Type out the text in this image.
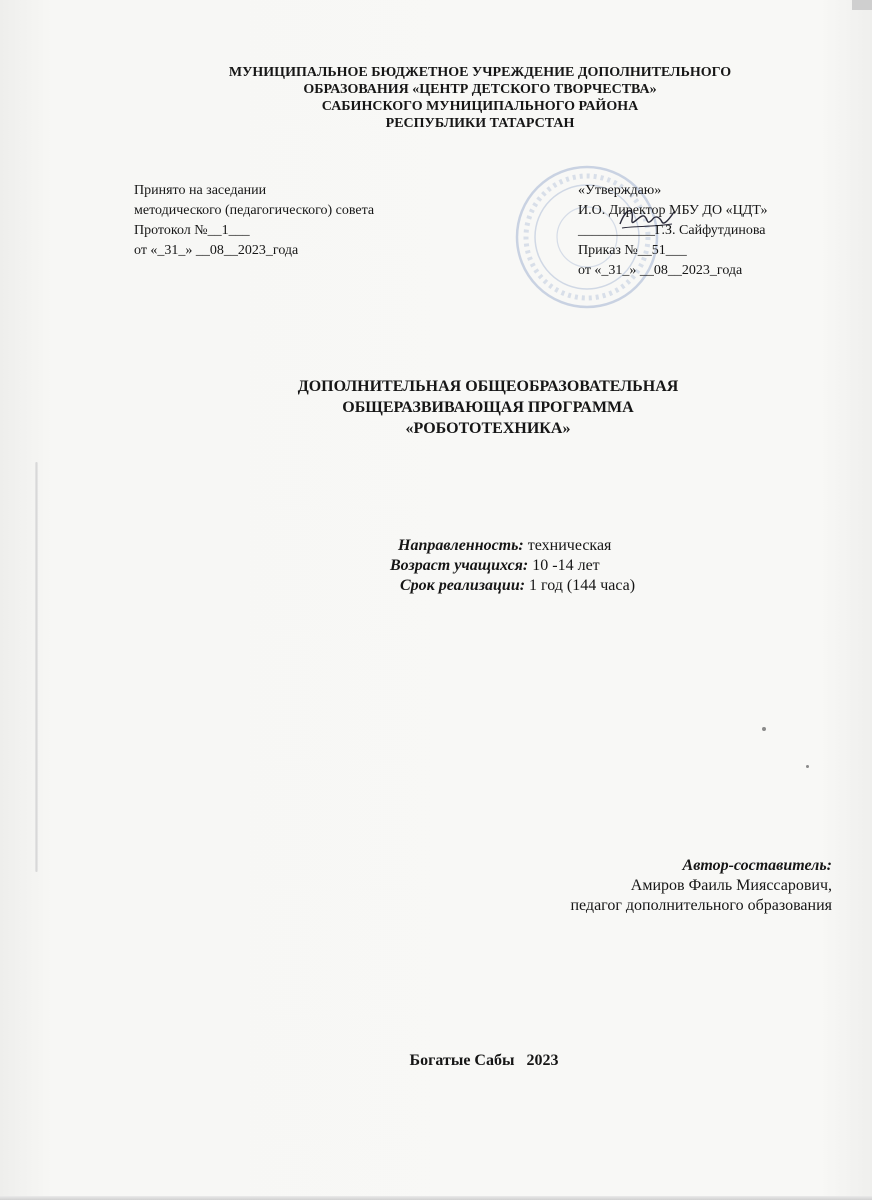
МУНИЦИПАЛЬНОЕ БЮДЖЕТНОЕ УЧРЕЖДЕНИЕ ДОПОЛНИТЕЛЬНОГО
ОБРАЗОВАНИЯ «ЦЕНТР ДЕТСКОГО ТВОРЧЕСТВА»
САБИНСКОГО МУНИЦИПАЛЬНОГО РАЙОНА
РЕСПУБЛИКИ ТАТАРСТАН
Принято на заседании
методического (педагогического) совета
Протокол №__1___
от «_31_» __08__2023_года
«Утверждаю»
И.О. Директор МБУ ДО «ЦДТ»
___________Г.З. Сайфутдинова
Приказ №__51___
от «_31_» __08__2023_года
ДОПОЛНИТЕЛЬНАЯ ОБЩЕОБРАЗОВАТЕЛЬНАЯ
ОБЩЕРАЗВИВАЮЩАЯ ПРОГРАММА
«РОБОТОТЕХНИКА»
Направленность: техническая
Возраст учащихся: 10 -14 лет
Срок реализации: 1 год (144 часа)
Автор-составитель:
Амиров Фаиль Мияссарович,
педагог дополнительного образования
Богатые Сабы   2023
